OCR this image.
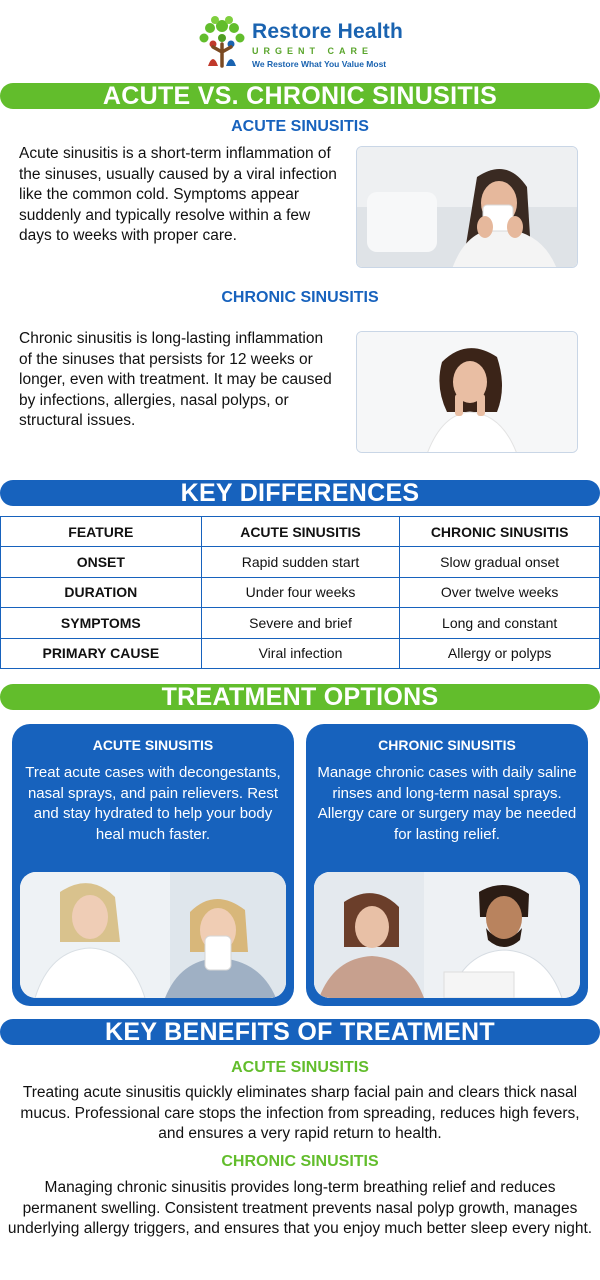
Restore Health
URGENT CARE
We Restore What You Value Most
ACUTE VS. CHRONIC SINUSITIS
ACUTE SINUSITIS
Acute sinusitis is a short-term inflammation of the sinuses, usually caused by a viral infection like the common cold. Symptoms appear suddenly and typically resolve within a few days to weeks with proper care.
CHRONIC SINUSITIS
Chronic sinusitis is long-lasting inflammation of the sinuses that persists for 12 weeks or longer, even with treatment. It may be caused by infections, allergies, nasal polyps, or structural issues.
KEY DIFFERENCES
FEATURE	ACUTE SINUSITIS	CHRONIC SINUSITIS
ONSET	Rapid sudden start	Slow gradual onset
DURATION	Under four weeks	Over twelve weeks
SYMPTOMS	Severe and brief	Long and constant
PRIMARY CAUSE	Viral infection	Allergy or polyps
TREATMENT OPTIONS
ACUTE SINUSITIS
Treat acute cases with decongestants, nasal sprays, and pain relievers. Rest and stay hydrated to help your body heal much faster.
CHRONIC SINUSITIS
Manage chronic cases with daily saline rinses and long-term nasal sprays. Allergy care or surgery may be needed for lasting relief.
KEY BENEFITS OF TREATMENT
ACUTE SINUSITIS
Treating acute sinusitis quickly eliminates sharp facial pain and clears thick nasal mucus. Professional care stops the infection from spreading, reduces high fevers, and ensures a very rapid return to health.
CHRONIC SINUSITIS
Managing chronic sinusitis provides long-term breathing relief and reduces permanent swelling. Consistent treatment prevents nasal polyp growth, manages underlying allergy triggers, and ensures that you enjoy much better sleep every night.
